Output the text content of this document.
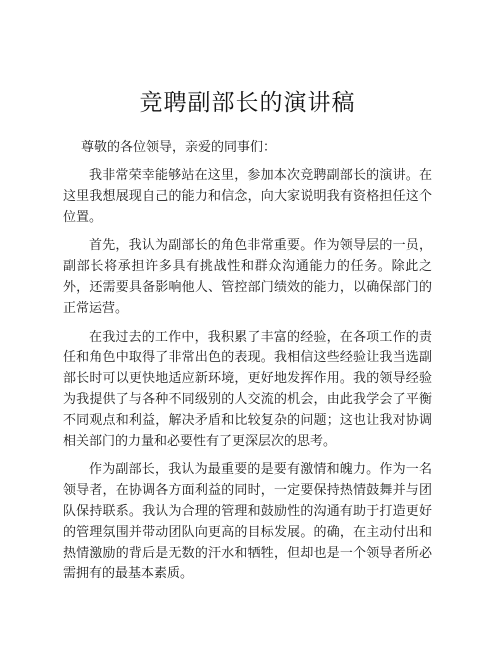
竞聘副部长的演讲稿

尊敬的各位领导，亲爱的同事们：

我非常荣幸能够站在这里，参加本次竞聘副部长的演讲。在这里我想展现自己的能力和信念，向大家说明我有资格担任这个位置。

首先，我认为副部长的角色非常重要。作为领导层的一员，副部长将承担许多具有挑战性和群众沟通能力的任务。除此之外，还需要具备影响他人、管控部门绩效的能力，以确保部门的正常运营。

在我过去的工作中，我积累了丰富的经验，在各项工作的责任和角色中取得了非常出色的表现。我相信这些经验让我当选副部长时可以更快地适应新环境，更好地发挥作用。我的领导经验为我提供了与各种不同级别的人交流的机会，由此我学会了平衡不同观点和利益，解决矛盾和比较复杂的问题；这也让我对协调相关部门的力量和必要性有了更深层次的思考。

作为副部长，我认为最重要的是要有激情和魄力。作为一名领导者，在协调各方面利益的同时，一定要保持热情鼓舞并与团队保持联系。我认为合理的管理和鼓励性的沟通有助于打造更好的管理氛围并带动团队向更高的目标发展。的确，在主动付出和热情激励的背后是无数的汗水和牺牲，但却也是一个领导者所必需拥有的最基本素质。
